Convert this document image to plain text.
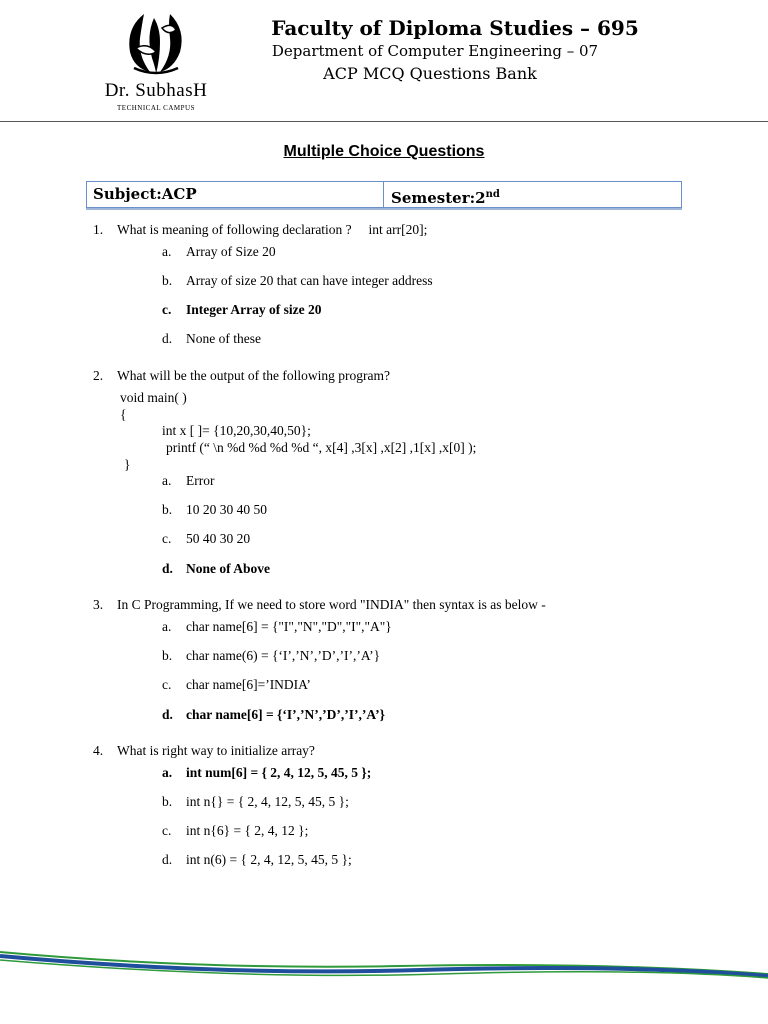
Dr. SubhasH
TECHNICAL CAMPUS
Faculty of Diploma Studies – 695
Department of Computer Engineering – 07
ACP MCQ Questions Bank
Multiple Choice Questions
Subject:ACP	Semester:2nd
1. What is meaning of following declaration ?     int arr[20];
a. Array of Size 20
b. Array of size 20 that can have integer address
c. Integer Array of size 20
d. None of these
2. What will be the output of the following program?
void main( )
{
int x [ ]= {10,20,30,40,50};
printf (“ \n %d %d %d %d “, x[4] ,3[x] ,x[2] ,1[x] ,x[0] );
}
a. Error
b. 10 20 30 40 50
c. 50 40 30 20
d. None of Above
3. In C Programming, If we need to store word "INDIA" then syntax is as below -
a. char name[6] = {"I","N","D","I","A"}
b. char name(6) = {‘I’,’N’,’D’,’I’,’A’}
c. char name[6]=’INDIA’
d. char name[6] = {‘I’,’N’,’D’,’I’,’A’}
4. What is right way to initialize array?
a. int num[6] = { 2, 4, 12, 5, 45, 5 };
b. int n{} = { 2, 4, 12, 5, 45, 5 };
c. int n{6} = { 2, 4, 12 };
d. int n(6) = { 2, 4, 12, 5, 45, 5 };
